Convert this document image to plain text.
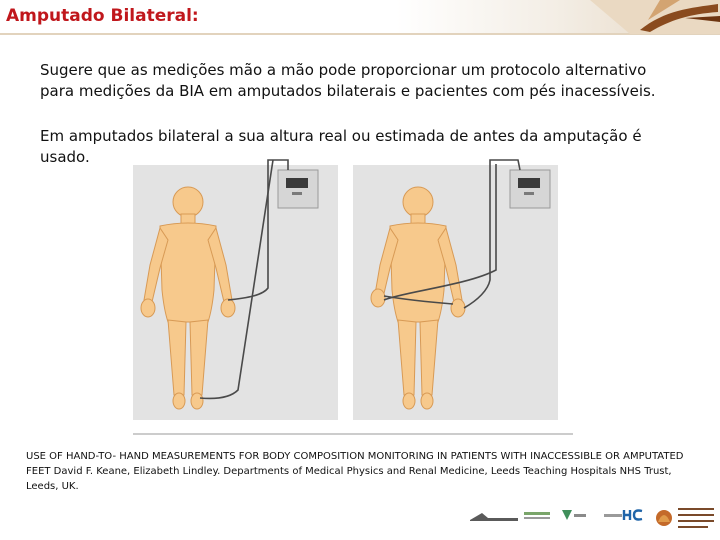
Amputado Bilateral:
Sugere que as medições mão a mão pode proporcionar um protocolo alternativo para medições da BIA em amputados bilaterais e pacientes com pés inacessíveis.
Em amputados bilateral a sua altura real ou estimada de antes da amputação é usado.
USE OF HAND-TO- HAND MEASUREMENTS FOR BODY COMPOSITION MONITORING IN PATIENTS WITH INACCESSIBLE OR AMPUTATED FEET David F. Keane, Elizabeth Lindley. Departments of Medical Physics and Renal Medicine, Leeds Teaching Hospitals NHS Trust, Leeds, UK.
